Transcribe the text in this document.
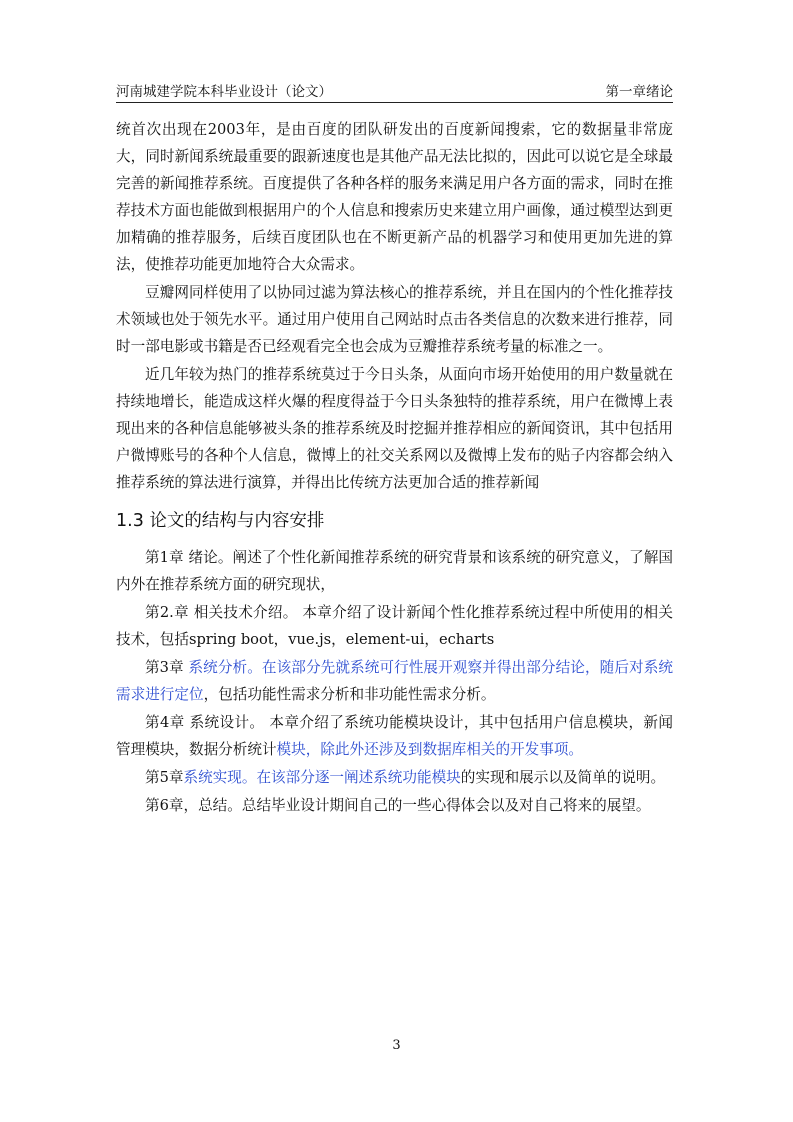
河南城建学院本科毕业设计（论文）	第一章绪论

统首次出现在2003年，是由百度的团队研发出的百度新闻搜索，它的数据量非常庞大，同时新闻系统最重要的跟新速度也是其他产品无法比拟的，因此可以说它是全球最完善的新闻推荐系统。百度提供了各种各样的服务来满足用户各方面的需求，同时在推荐技术方面也能做到根据用户的个人信息和搜索历史来建立用户画像，通过模型达到更加精确的推荐服务，后续百度团队也在不断更新产品的机器学习和使用更加先进的算法，使推荐功能更加地符合大众需求。

豆瓣网同样使用了以协同过滤为算法核心的推荐系统，并且在国内的个性化推荐技术领域也处于领先水平。通过用户使用自己网站时点击各类信息的次数来进行推荐，同时一部电影或书籍是否已经观看完全也会成为豆瓣推荐系统考量的标准之一。

近几年较为热门的推荐系统莫过于今日头条，从面向市场开始使用的用户数量就在持续地增长，能造成这样火爆的程度得益于今日头条独特的推荐系统，用户在微博上表现出来的各种信息能够被头条的推荐系统及时挖掘并推荐相应的新闻资讯，其中包括用户微博账号的各种个人信息，微博上的社交关系网以及微博上发布的贴子内容都会纳入推荐系统的算法进行演算，并得出比传统方法更加合适的推荐新闻

1.3 论文的结构与内容安排

第1章 绪论。阐述了个性化新闻推荐系统的研究背景和该系统的研究意义，了解国内外在推荐系统方面的研究现状，

第2.章 相关技术介绍。 本章介绍了设计新闻个性化推荐系统过程中所使用的相关技术，包括spring boot，vue.js，element-ui，echarts

第3章 系统分析。在该部分先就系统可行性展开观察并得出部分结论，随后对系统需求进行定位，包括功能性需求分析和非功能性需求分析。

第4章 系统设计。 本章介绍了系统功能模块设计，其中包括用户信息模块，新闻管理模块，数据分析统计模块，除此外还涉及到数据库相关的开发事项。

第5章系统实现。在该部分逐一阐述系统功能模块的实现和展示以及简单的说明。

第6章，总结。总结毕业设计期间自己的一些心得体会以及对自己将来的展望。

3
